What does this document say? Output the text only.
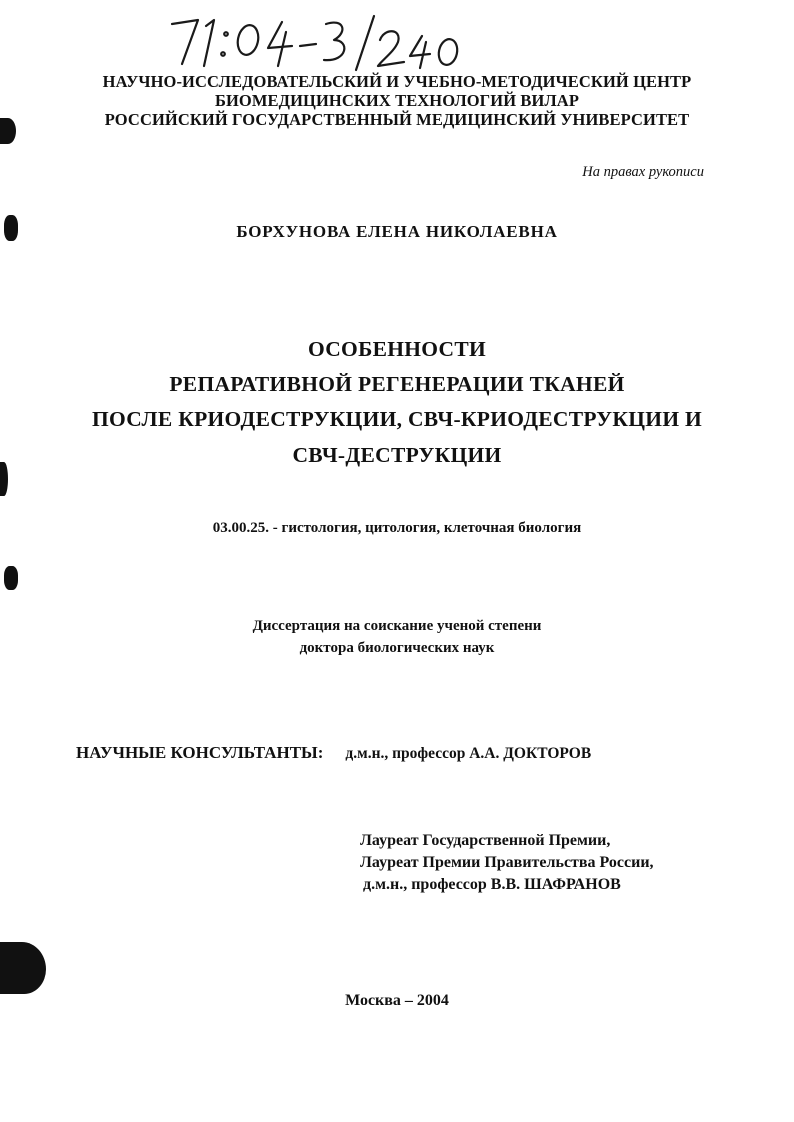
НАУЧНО-ИССЛЕДОВАТЕЛЬСКИЙ И УЧЕБНО-МЕТОДИЧЕСКИЙ ЦЕНТР
БИОМЕДИЦИНСКИХ ТЕХНОЛОГИЙ ВИЛАР
РОССИЙСКИЙ ГОСУДАРСТВЕННЫЙ МЕДИЦИНСКИЙ УНИВЕРСИТЕТ
На правах рукописи
БОРХУНОВА ЕЛЕНА НИКОЛАЕВНА
ОСОБЕННОСТИ
РЕПАРАТИВНОЙ РЕГЕНЕРАЦИИ ТКАНЕЙ
ПОСЛЕ КРИОДЕСТРУКЦИИ, СВЧ-КРИОДЕСТРУКЦИИ И
СВЧ-ДЕСТРУКЦИИ
03.00.25. - гистология, цитология, клеточная биология
Диссертация на соискание ученой степени
доктора биологических наук
НАУЧНЫЕ КОНСУЛЬТАНТЫ: д.м.н., профессор А.А. ДОКТОРОВ
Лауреат Государственной Премии,
Лауреат Премии Правительства России,
д.м.н., профессор В.В. ШАФРАНОВ
Москва – 2004
